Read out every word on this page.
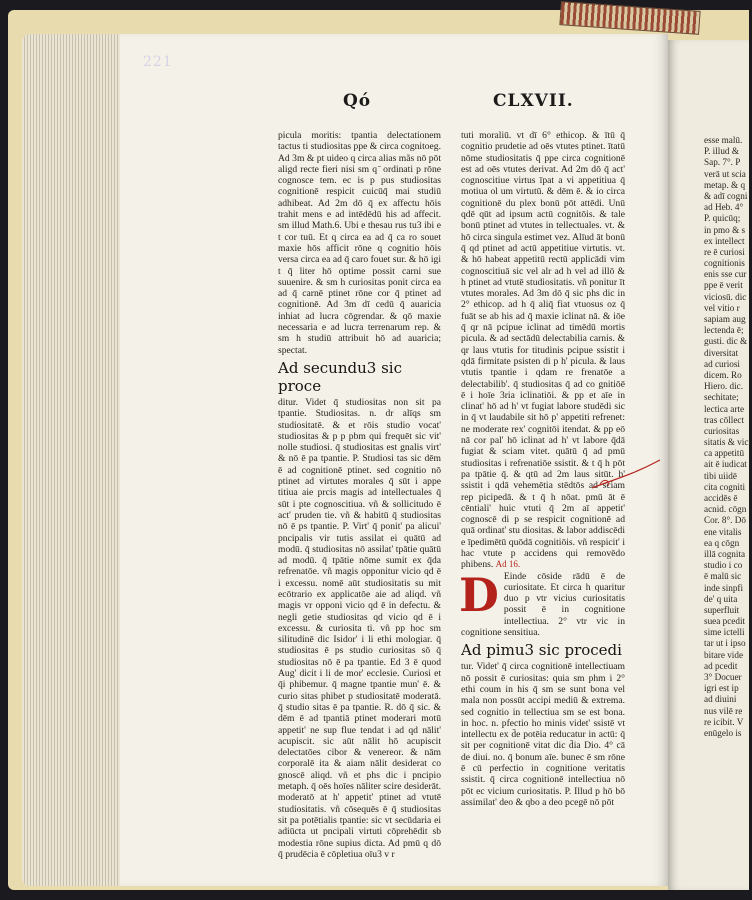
221
Qó	CLXVII.

picula moritis: tpantia delectationem tactus ti studiositas ppe & circa cognitoeg. Ad 3m & pt uideo q circa alias mãs nō pōt aligd recte fieri nisi sm q ̄ ordinati p rōne cognosce tem. ec is p pus studiositas cognitionē respicit cuicūq̄ mai studiū adhibeat. Ad 2m dō q̄ ex affectu hōis trahit mens e ad intēdēdū his ad affecit. sm illud Math.6. Ubi e thesau rus tu3 ibi e t cor tuū. Et q circa ea ad q̄ ca ro souet maxie hōs afficit rōne q cognitio hōis versa circa ea ad q̄ caro fouet sur. & hō igi t q̄ liter hō optime possit carni sue suuenire. & sm h curiositas ponit circa ea ad q̄ carnē ptinet rōne cor q̄ ptinet ad cognitionē. Ad 3m dī cedū q̄ auaricia inhiat ad lucra cōgrendar. & qō maxie necessaria e ad lucra terrenarum rep. & sm h studiū attribuit hō ad auaricia; spectat.

Ad secundu3 sic proce

ditur. Videt q̄ studiositas non sit pa tpantie. Studiositas. n. dr alīqs sm studiositatē. & et rōis studio vocat' studiositas & p p pbm qui frequēt sic vit' nolle studiosi. q̄ studiositas est gnalis virt' & nō ē pa tpantie. P. Studiosi tas sic dēm ē ad cognitionē ptinet. sed cognitio nō ptinet ad virtutes morales q̄ sūt i appe titiua aie prcis magis ad intellectuales q̄ sūt i pte cognoscitiua. vñ & sollicitudo ē act' pruden tie. vñ & habitū q̄ studiositas nō ē ps tpantie. P. Virt' q̄ ponit' pa alicui' pncipalis vir tutis assilat ei quātū ad modū. q̄ studiositas nō assilat' tpātie quātū ad modū. q̄ tpātie nōme sumit ex q̄da refrenatōe. vñ magis opponitur vicio qd ē i excessu. nomē aūt studiositatis su mit ecōtrario ex applicatōe aie ad aliqd. vñ magis vr opponi vicio qd ē in defectu. & negli getie studiositas qd vicio qd ē i excessu. & curiosita ti. vñ pp hoc sm silitudinē dic Isidor' i li ethi mologiar. q̄ studiositas ē ps studio curiositas sō q̄ studiositas nō ē pa tpantie. Ed 3 ē quod Aug' dicit i li de mor' ecclesie. Curiosi et q̄i phibemur. q̄ magne tpantie mun' ē. & curio sitas phibet p studiositatē moderatā. q̄ studio sitas ē pa tpantie. R. dō q̄ sic. & dēm ē ad tpantiā ptinet moderari motū appetit' ne sup flue tendat i ad qd nālit' acupiscit. sic aūt nālit hō acupiscit delectatōes cibor & venereor. & nām corporalē ita & aiam nālit desiderat co gnoscē aliqd. vñ et phs dic i pncipio metaph. q̄ oēs hoīes nāliter scire desiderāt. moderatō at h' appetit' ptinet ad vtutē studiositatis. vñ cōsequēs ē q̄ studiositas sit pa potētialis tpantie: sic vt secūdaria ei adiūcta ut pncipali virtuti cōprehēdit sb modestia rōne supius dicta. Ad pmū q dō q̄ prudēcia ē cōpletiua oīu3 v r

tuti moraliū. vt dī 6° ethicop. & ītū q̄ cognitio prudetie ad oēs vtutes ptinet. ītatū nōme studiositatis q̄ ppe circa cognitionē est ad oēs vtutes derivat. Ad 2m dō q̄ act' cognoscitiue virtus īpat a vi appetitiua q̄ motiua ol um virtutū. & dēm ē. & io circa cognitionē du plex bonū pōt attēdi. Unū qdē qūt ad ipsum actū cognitōis. & tale bonū ptinet ad vtutes in tellectuales. vt. & hō circa singula estimet vez. Alīud āt bonū q̄ qd ptinet ad actū appetitiue virtutis. vt. & hō habeat appetitū rectū applicādi vim cognoscitiuā sic vel alr ad h vel ad illō & h ptinet ad vtutē studiositatis. vñ ponitur īt vtutes morales. Ad 3m dō q̄ sic phs dic in 2° ethicop. ad h q̄ aliq̄ fiat vtuosus oz q̄ fuāt se ab his ad q̄ maxie iclinat nā. & iōe q̄ qr nā pcipue iclinat ad timēdū mortis picula. & ad sectādū delectabilia carnis. & qr laus vtutis for titudinis pcipue ssistit i qdā firmitate psisten di p h' picula. & laus vtutis tpantie i qdam re frenatōe a delectabilib'. q̄ studiositas q̄ ad co gnitiōē ē i hoīe 3ria iclinatiōi. & pp et aīe in clinat' hō ad h' vt fugiat labore studēdi sic in q̄ vt laudabile sit hō p' appetiti refrenet: ne moderate rex' cognitōi itendat. & pp eō nā cor pal' hō iclinat ad h' vt labore q̄dā fugiat & sciam vitet. quātū q̄ ad pmū studiositas i refrenatiōe ssistit. & t q̄ h pōt pa tpātie q̄. & qtū ad 2m laus sitūt. h' ssistit i qdā vehemētia stēdtōs ad sciam rep picipedā. & t q̄ h nōat. pmū āt ē cēntiali' huic vtuti q̄ 2m aī appetit' cognoscē di p se respicit cognitionē ad quā ordinat' stu diositas. & labor addiscēdi e īpedimētū quōdā cognitiōis. vñ respicit' i hac vtute p accidens qui removēdo phibens. Ad 16.

D Einde cōside rādū ē de curiositate. Et circa h quaritur duo p vtr vicius curiositatis possit ē in cognitione intellectiua. 2° vtr vic in cognitione sensitiua.

Ad pimu3 sic procedi

tur. Videt' q̄ circa cognitionē intellectiuam nō possit ē curiositas: quia sm phm i 2° ethi coum in his q̄ sm se sunt bona vel mala non possūt accipi mediū & extrema. sed cognitio in tellectiua sm se est bona. in hoc. n. pfectio ho minis videt' ssistē vt intellectu ex d̄e potēia reducatur in actū: q̄ sit per cognitionē vitat dic d̄ia Dio. 4° cā de diui. no. q̄ bonum aīe. bunec ē sm rōne ē cū perfectio in cognitione veritatis ssistit. q̄ circa cognitionē intellectiua nō pōt ec vicium curiositatis. P. Illud p hō bō assimilat' deo & qbo a deo pcegē nō pōt

esse malū.
P. illud &
Sap. 7°. P
verā ut scia
metap. & q
& adī cogni
ad Heb. 4°
P. quicūq;
in pmo & s
ex intellect
re ē curiosi
cognitionis
enis sse cur
ppe ē verit
viciosū. dic
vel vitio r
sapiam aug
lectenda ē;
gusti. dic &
diversitat
ad curiosi
dicem. Ro
Hiero. dic.
sechitate;
lectica arte
tras cōllect
curiositas
sitatis & vici
ca appetitū
ait ē iudicat
tibi uiidē
cita cogniti
accidēs ē
acnid. cōgn
Cor. 8°. Dō
ene vitalis
ea q cōgn
illā cognita
studio i co
ē malū sic
inde sinpfi
de' q uita
superfluit
suea pcedit
sime ictelli
tar ut i ipso
bitare vide
ad pcedit
3° Docuer
igri est ip
ad diuini
nus vilē re
re icibit. V
enūgelo is
